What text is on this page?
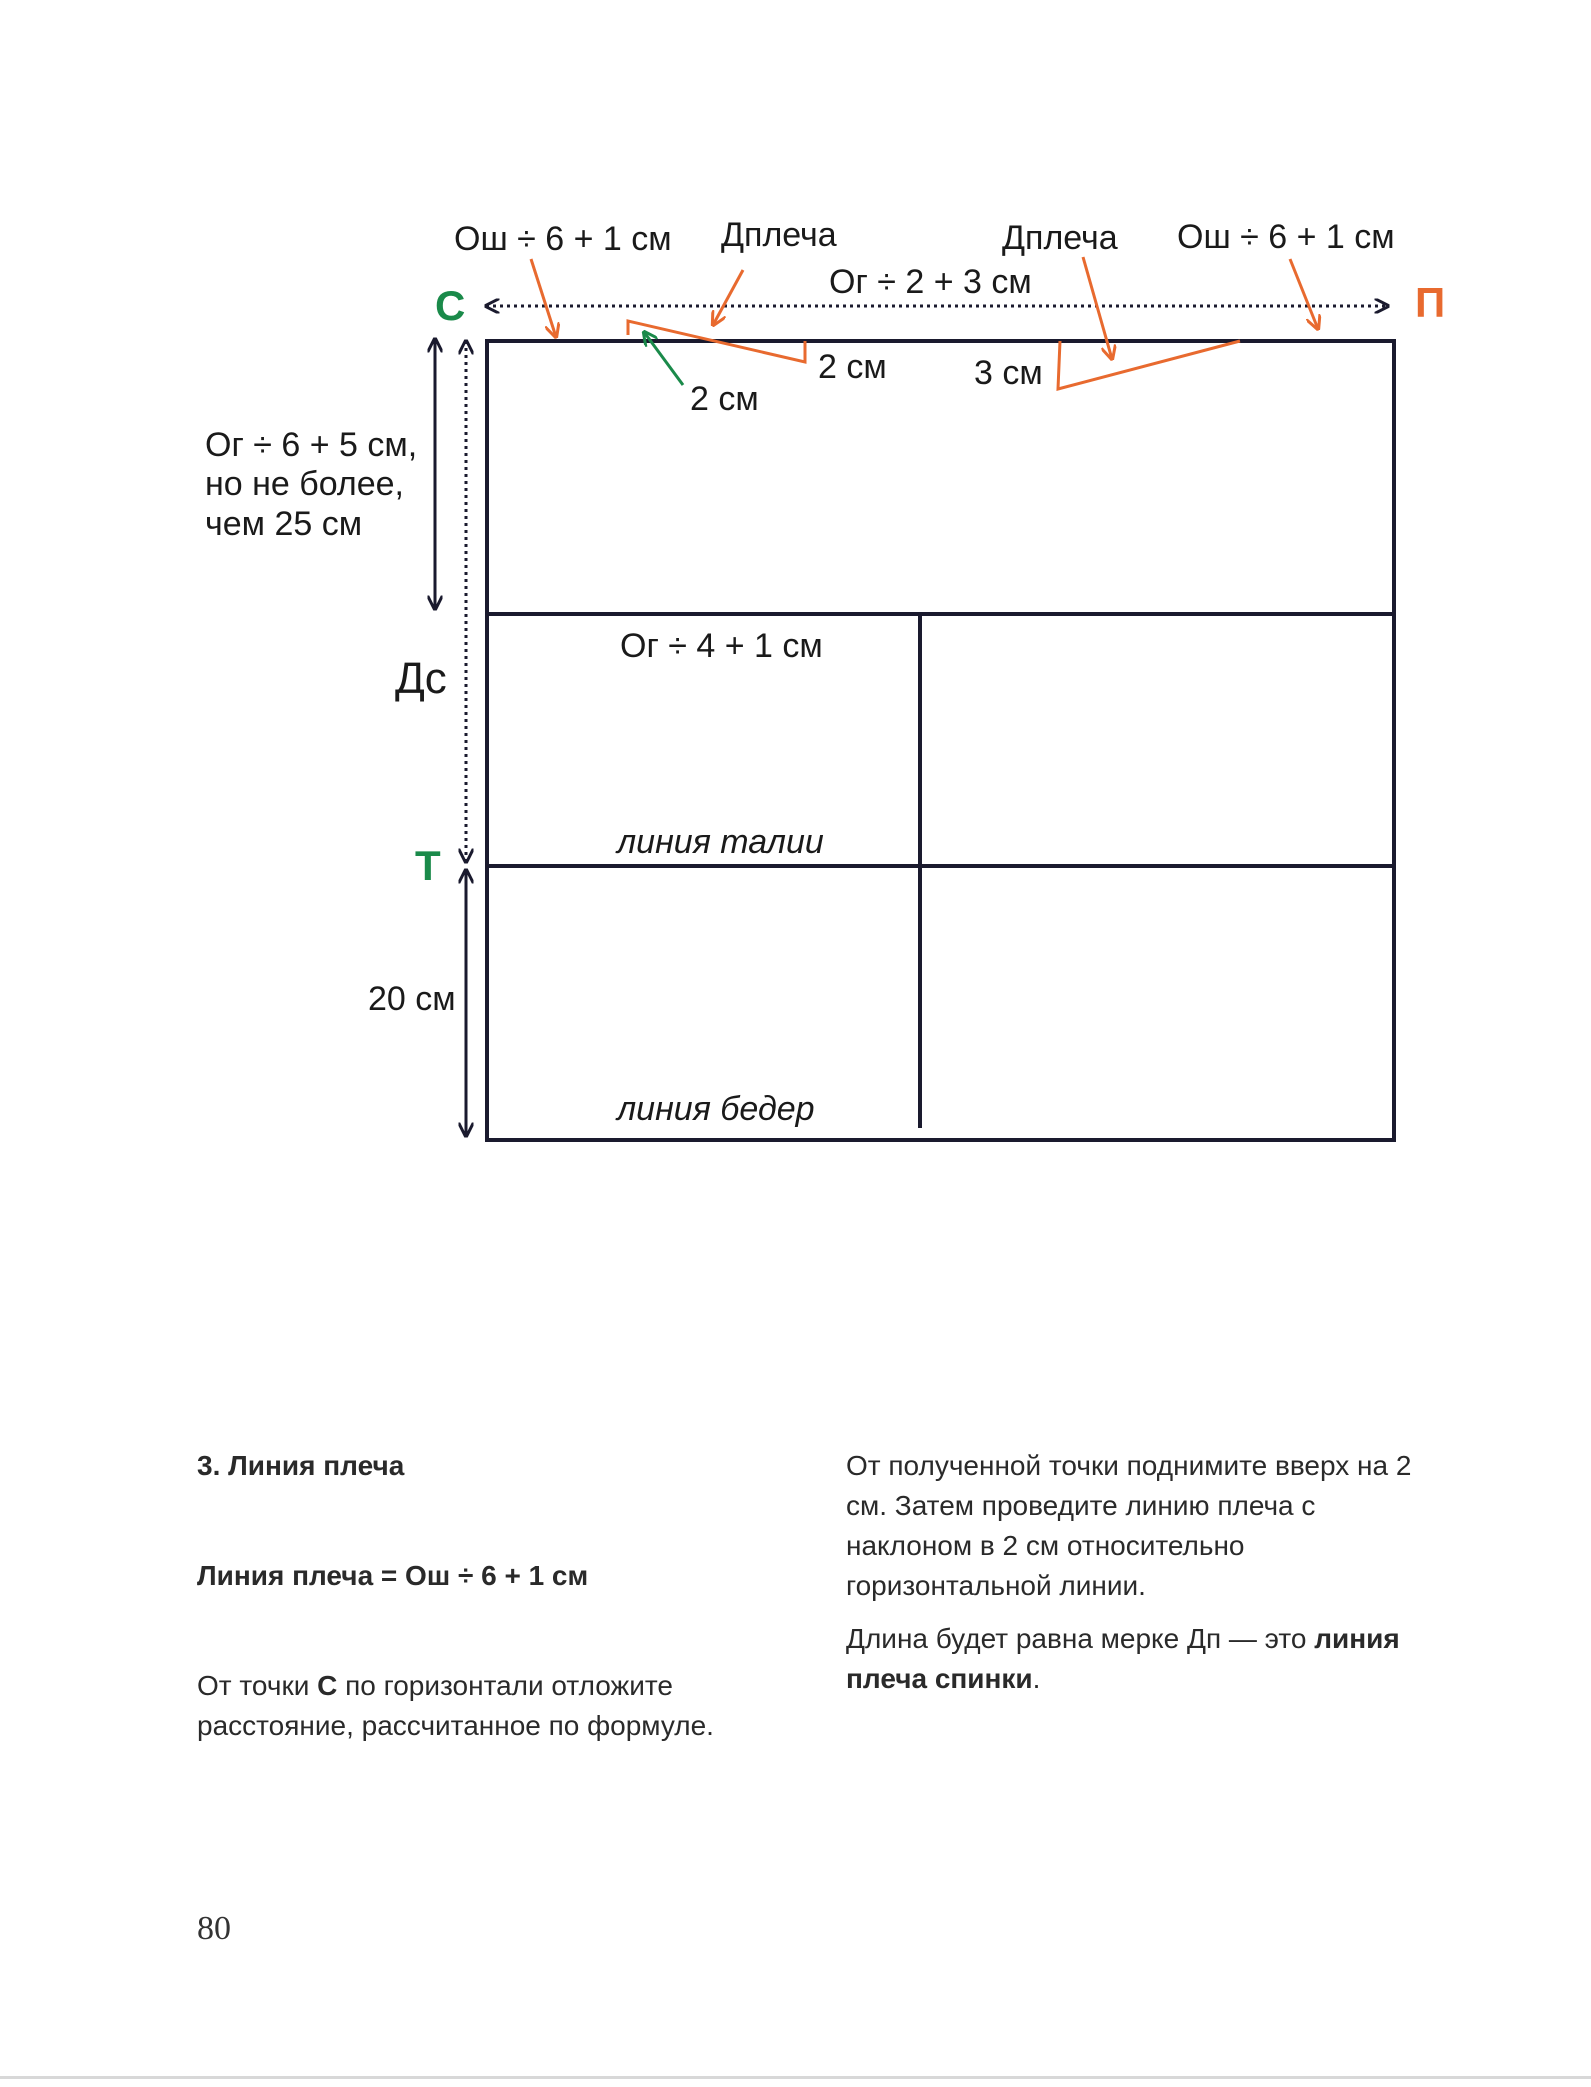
С	П
Т
Ош ÷ 6 + 1 см Дплеча	Дплеча Ош ÷ 6 + 1 см
Ог ÷ 2 + 3 см
2 см
2 см
3 см
Ог ÷ 6 + 5 см,
но не более,
чем 25 см
Дс
Ог ÷ 4 + 1 см
линия талии
20 см
линия бедер

3. Линия плеча

Линия плеча = Ош ÷ 6 + 1 см

От точки С по горизонтали отложите расстояние, рассчитанное по формуле.

От полученной точки поднимите вверх на 2 см. Затем проведите линию плеча с наклоном в 2 см относительно горизонтальной линии.

Длина будет равна мерке Дп — это линия плеча спинки.

80
